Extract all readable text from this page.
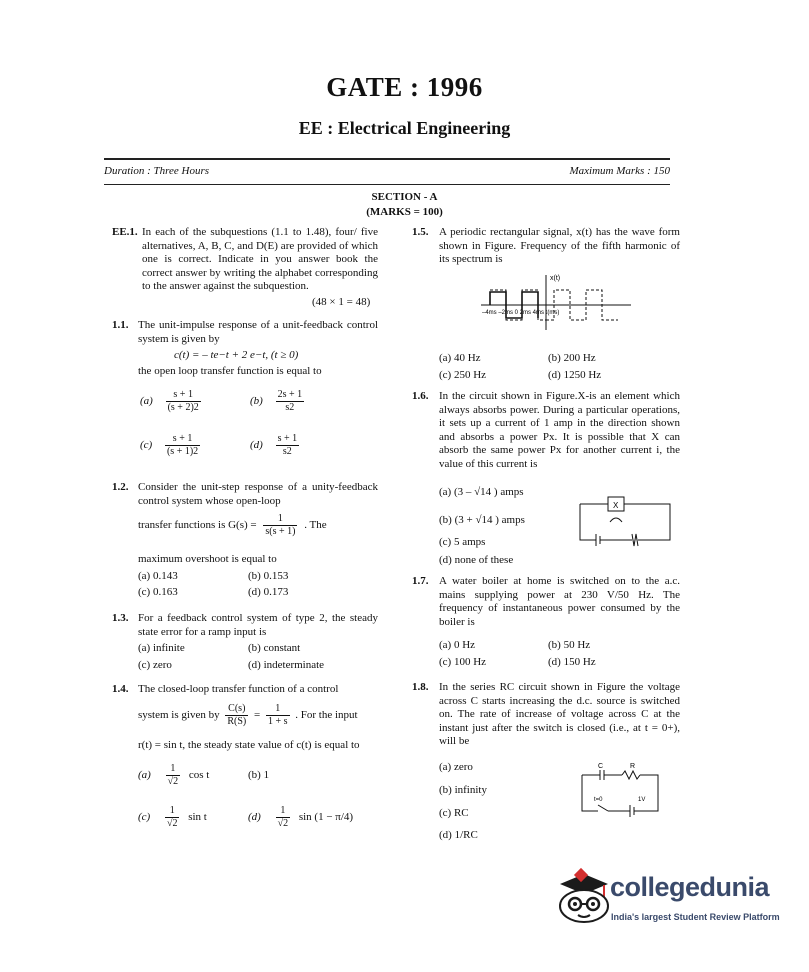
GATE : 1996
EE : Electrical Engineering
Duration : Three Hours	Maximum Marks : 150
SECTION - A
(MARKS = 100)
EE.1. In each of the subquestions (1.1 to 1.48), four/ five alternatives, A, B, C, and D(E) are provided of which one is correct. Indicate in you answer book the correct answer by writing the alphabet corresponding to the answer against the subquestion.
(48 × 1 = 48)
1.1. The unit-impulse response of a unit-feedback control system is given by
c(t) = – te−t + 2 e−t, (t ≥ 0)
the open loop transfer function is equal to
$(a) \frac{s + 1}{(s + 2)2}$	$(b) \frac{2s + 1}{s2}$
$(c) \frac{s + 1}{(s + 1)2}$	$(d) \frac{s + 1}{s2}$
1.2. Consider the unit-step response of a unity-feedback control system whose open-loop
transfer functions is $G(s) = \frac{1}{s(s + 1)}$ . The
maximum overshoot is equal to
(a) 0.143	(b) 0.153
(c) 0.163	(d) 0.173
1.3. For a feedback control system of type 2, the steady state error for a ramp input is
(a) infinite	(b) constant
(c) zero	(d) indeterminate
1.4. The closed-loop transfer function of a control
system is given by $\frac{C(s)}{R(S)} = \frac{1}{1 + s}$ . For the input
r(t) = sin t, the steady state value of c(t) is equal to
$(a) \frac{1}{√2}$ cos t	(b) 1
$(c) \frac{1}{√2}$ sin t	$(d) \frac{1}{√2}$ sin (1 − π/4)
1.5. A periodic rectangular signal, x(t) has the wave form shown in Figure. Frequency of the fifth harmonic of its spectrum is
x(t)
–4ms –2ms 0 2ms 4ms t(ms)
(a) 40 Hz	(b) 200 Hz
(c) 250 Hz	(d) 1250 Hz
1.6. In the circuit shown in Figure.X-is an element which always absorbs power. During a particular operations, it sets up a current of 1 amp in the direction shown and absorbs a power Px. It is possible that X can absorb the same power Px for another current i, the value of this current is
(a) (3 – √14 ) amps
(b) (3 + √14 ) amps
(c) 5 amps
(d) none of these
X
1.7. A water boiler at home is switched on to the a.c. mains supplying power at 230 V/50 Hz. The frequency of instantaneous power consumed by the boiler is
(a) 0 Hz	(b) 50 Hz
(c) 100 Hz	(d) 150 Hz
1.8. In the series RC circuit shown in Figure the voltage across C starts increasing the d.c. source is switched on. The rate of increase of voltage across C at the instant just after the switch is closed (i.e., at t = 0+), will be
(a) zero
(b) infinity
(c) RC
(d) 1/RC
C	R
t=0	1V
collegedunia
India's largest Student Review Platform
